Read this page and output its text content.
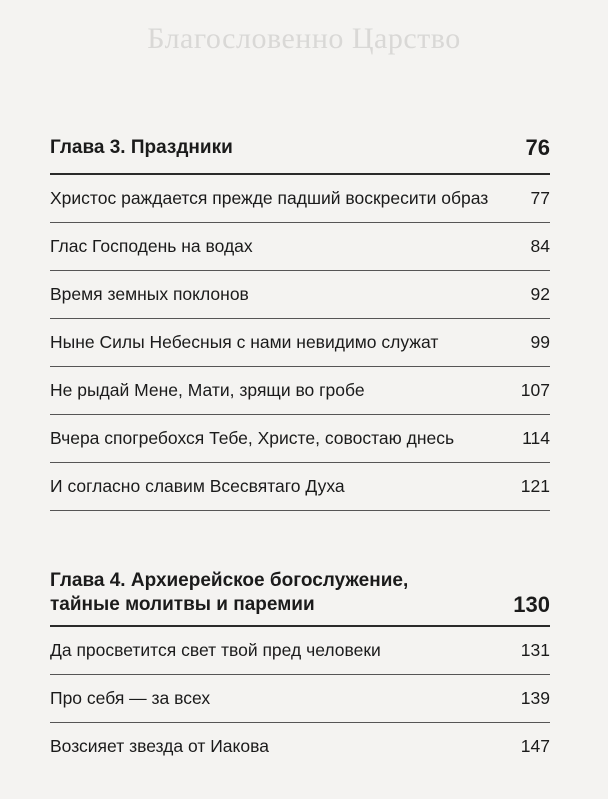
Благословенно Царство
Глава 3. Праздники	76
Христос раждается прежде падший воскресити образ 77
Глас Господень на водах	84
Время земных поклонов	92
Ныне Силы Небесныя с нами невидимо служат	99
Не рыдай Мене, Мати, зрящи во гробе	107
Вчера спогребохся Тебе, Христе, совостаю днесь	114
И согласно славим Всесвятаго Духа	121
Глава 4. Архиерейское богослужение,
тайные молитвы и паремии	130
Да просветится свет твой пред человеки	131
Про себя — за всех	139
Возсияет звезда от Иакова	147
